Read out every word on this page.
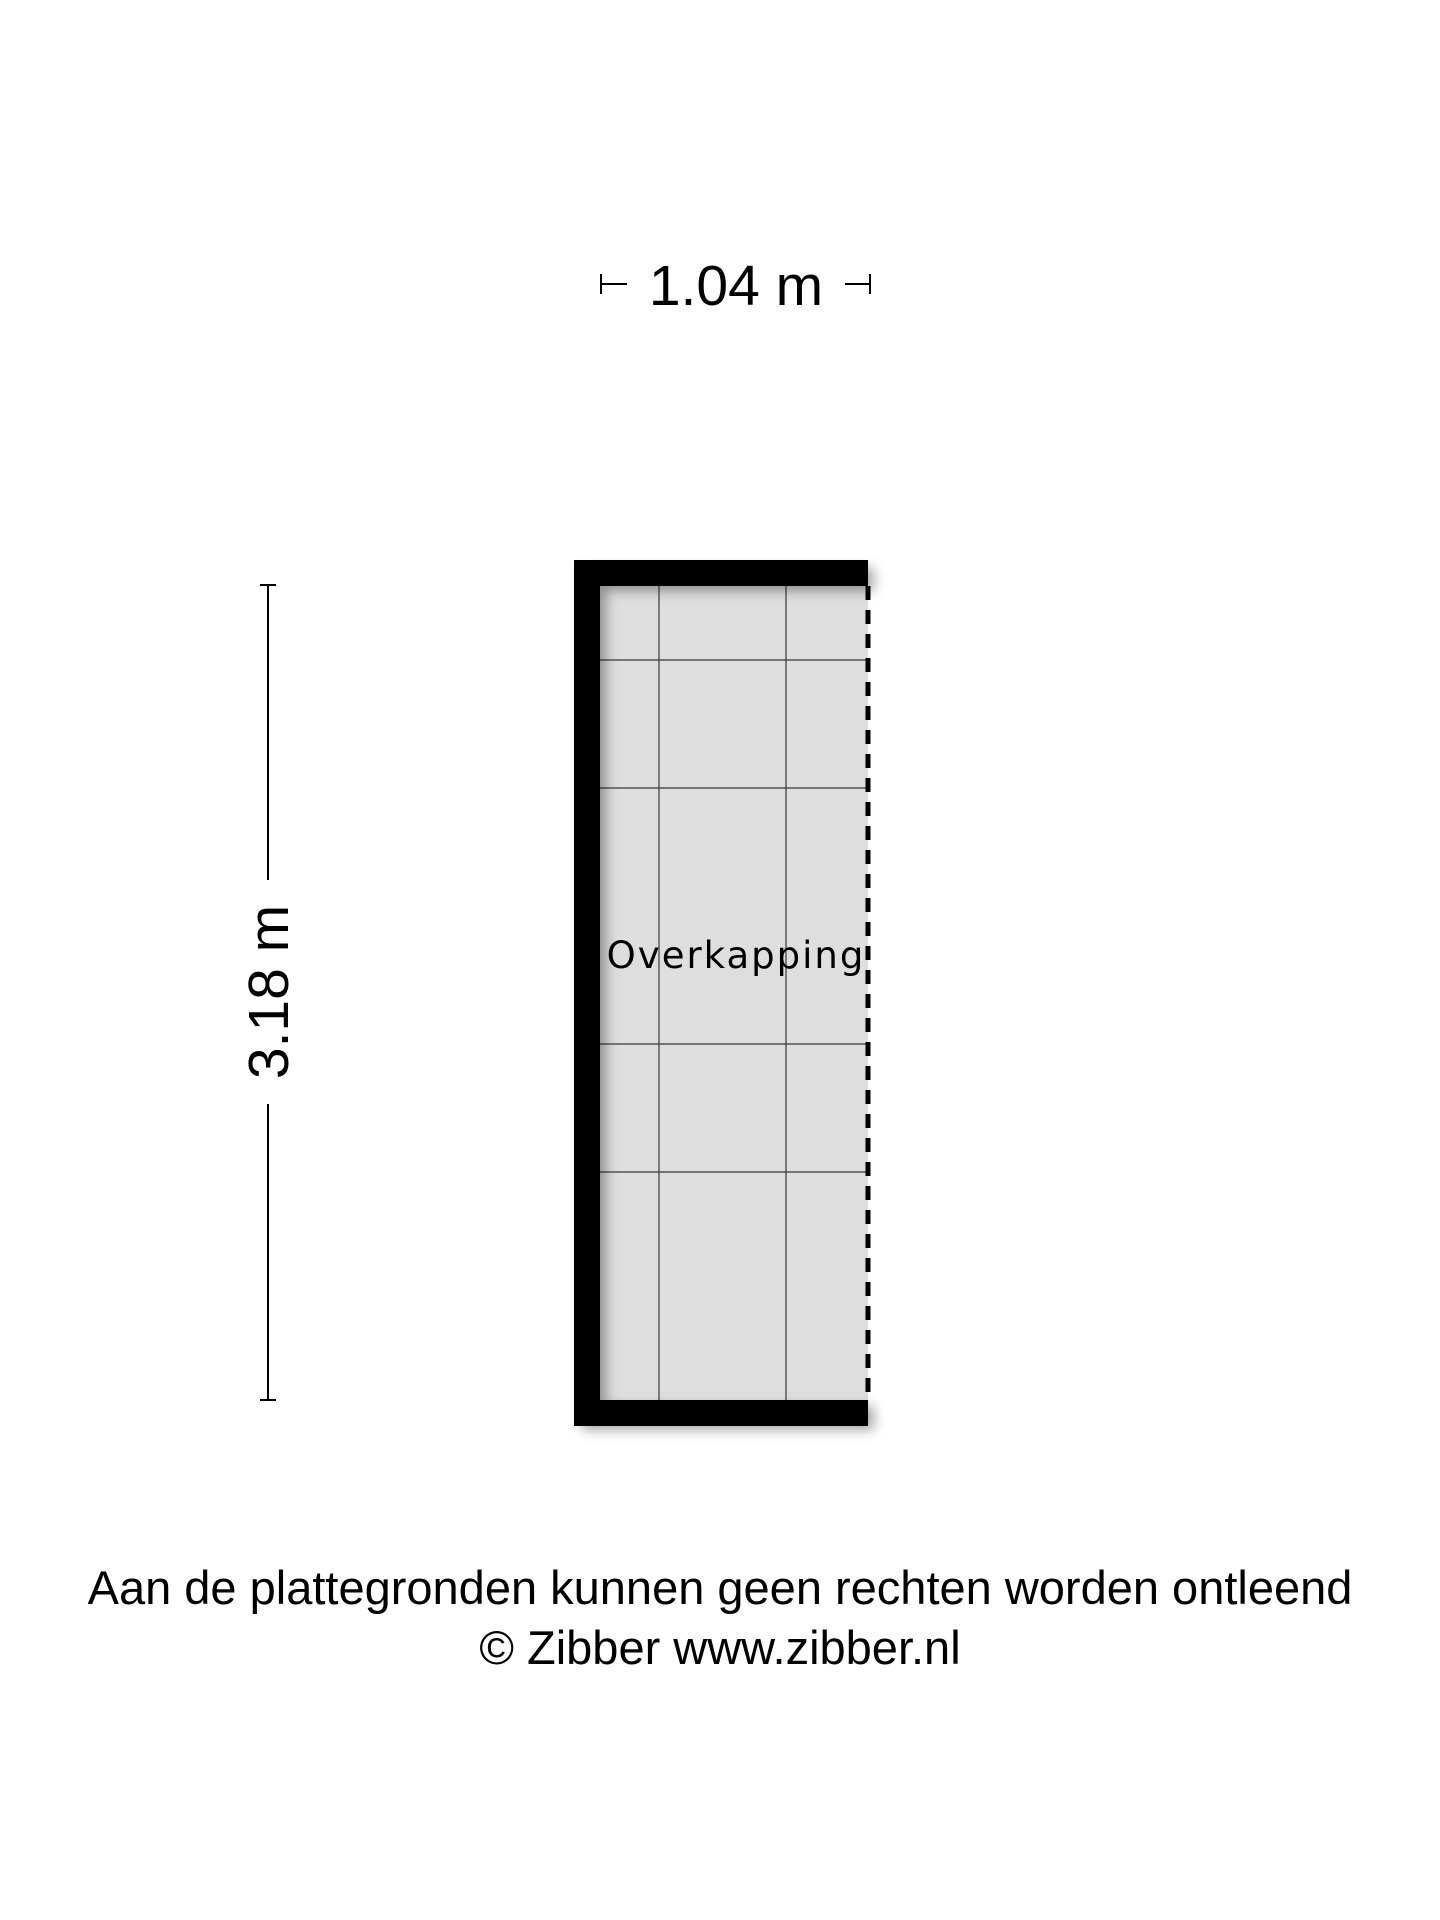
1.04 m
3.18 m	Overkapping
Aan de plattegronden kunnen geen rechten worden ontleend
© Zibber www.zibber.nl
